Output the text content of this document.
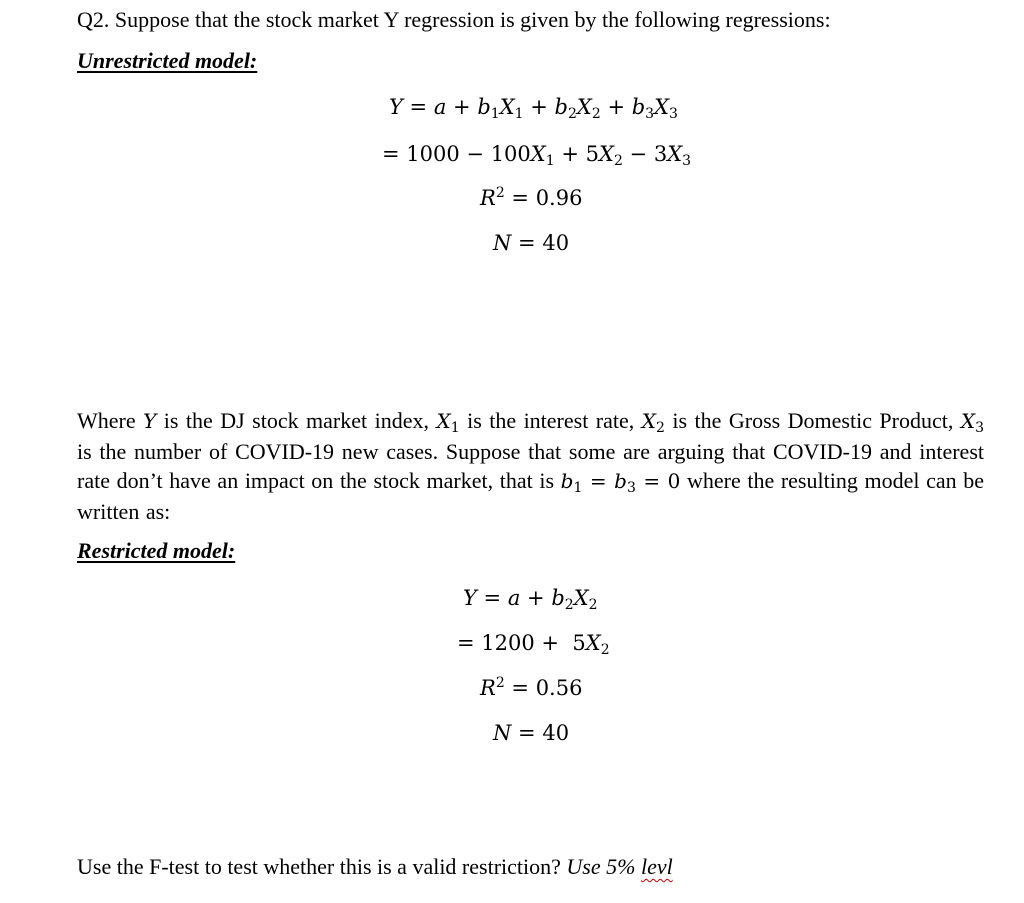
Q2. Suppose that the stock market Y regression is given by the following regressions:
Unrestricted model:
$Y = a + b_1X_1 + b_2X_2 + b_3X_3$
= $1000 - 100X_1 + 5X_2 - 3X_3$
$R^2 = 0.96$
N = 40
Where Y is the DJ stock market index, $X_1$ is the interest rate, $X_2$ is the Gross Domestic Product, $X_3$ is the number of COVID-19 new cases. Suppose that some are arguing that COVID-19 and interest rate don’t have an impact on the stock market, that is $b_1 = b_3 = 0$ where the resulting model can be written as:
Restricted model:
$Y = a + b_2X_2$
= $1200 + 5X_2$
$R^2 = 0.56$
N = 40
Use the F-test to test whether this is a valid restriction? Use 5% levl
